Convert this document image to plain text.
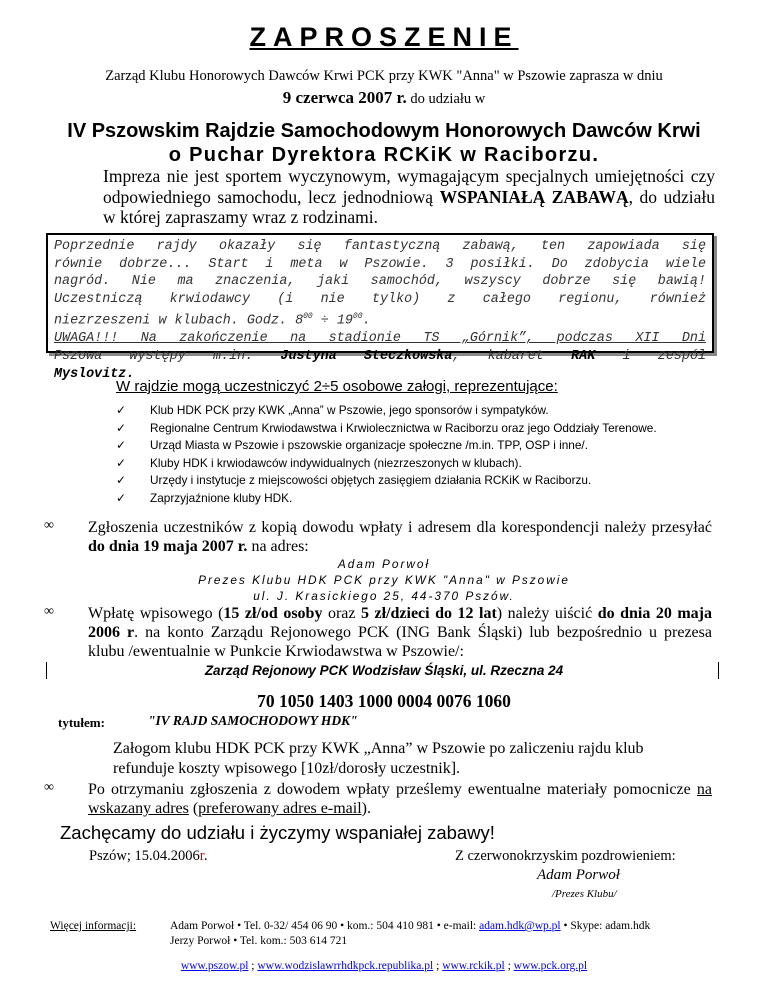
ZAPROSZENIE
Zarząd Klubu Honorowych Dawców Krwi PCK przy KWK "Anna" w Pszowie zaprasza w dniu
9 czerwca 2007 r. do udziału w
IV Pszowskim Rajdzie Samochodowym Honorowych Dawców Krwi
o Puchar Dyrektora RCKiK w Raciborzu.
Impreza nie jest sportem wyczynowym, wymagającym specjalnych umiejętności czy odpowiedniego samochodu, lecz jednodniową WSPANIAŁĄ ZABAWĄ, do udziału w której zapraszamy wraz z rodzinami.
Poprzednie rajdy okazały się fantastyczną zabawą, ten zapowiada się
równie dobrze... Start i meta w Pszowie. 3 posiłki. Do zdobycia wiele
nagród. Nie ma znaczenia, jaki samochód, wszyscy dobrze się bawią!
Uczestniczą krwiodawcy (i nie tylko) z całego regionu, również
niezrzeszeni w klubach. Godz. $8^{00} \div 19^{00}$.
UWAGA!!! Na zakończenie na stadionie TS „Górnik”, podczas XII Dni
Pszowa występy m.in. Justyna Steczkowska, kabaret RAK i zespół
Myslovitz.
W rajdzie mogą uczestniczyć 2÷5 osobowe załogi, reprezentujące:
✓ Klub HDK PCK przy KWK „Anna” w Pszowie, jego sponsorów i sympatyków.
✓ Regionalne Centrum Krwiodawstwa i Krwiolecznictwa w Raciborzu oraz jego Oddziały Terenowe.
✓ Urząd Miasta w Pszowie i pszowskie organizacje społeczne /m.in. TPP, OSP i inne/.
✓ Kluby HDK i krwiodawców indywidualnych (niezrzeszonych w klubach).
✓ Urzędy i instytucje z miejscowości objętych zasięgiem działania RCKiK w Raciborzu.
✓ Zaprzyjaźnione kluby HDK.
∞ Zgłoszenia uczestników z kopią dowodu wpłaty i adresem dla korespondencji należy przesyłać do dnia 19 maja 2007 r. na adres:
Adam Porwoł
Prezes Klubu HDK PCK przy KWK "Anna" w Pszowie
ul. J. Krasickiego 25, 44-370 Pszów.
∞ Wpłatę wpisowego (15 zł/od osoby oraz 5 zł/dzieci do 12 lat) należy uiścić do dnia 20 maja 2006 r. na konto Zarządu Rejonowego PCK (ING Bank Śląski) lub bezpośrednio u prezesa klubu /ewentualnie w Punkcie Krwiodawstwa w Pszowie/:
Zarząd Rejonowy PCK Wodzisław Śląski, ul. Rzeczna 24
70 1050 1403 1000 0004 0076 1060
tytułem:	"IV RAJD SAMOCHODOWY HDK"
Załogom klubu HDK PCK przy KWK „Anna” w Pszowie po zaliczeniu rajdu klub refunduje koszty wpisowego [10zł/dorosły uczestnik].
∞ Po otrzymaniu zgłoszenia z dowodem wpłaty prześlemy ewentualne materiały pomocnicze na wskazany adres (preferowany adres e-mail).
Zachęcamy do udziału i życzymy wspaniałej zabawy!
Pszów; 15.04.2006r.	Z czerwonokrzyskim pozdrowieniem:
Adam Porwoł
/Prezes Klubu/
Więcej informacji:	Adam Porwoł • Tel. 0-32/ 454 06 90 • kom.: 504 410 981 • e-mail: adam.hdk@wp.pl • Skype: adam.hdk
Jerzy Porwoł • Tel. kom.: 503 614 721
www.pszow.pl ; www.wodzislawrrhdkpck.republika.pl ; www.rckik.pl ; www.pck.org.pl
